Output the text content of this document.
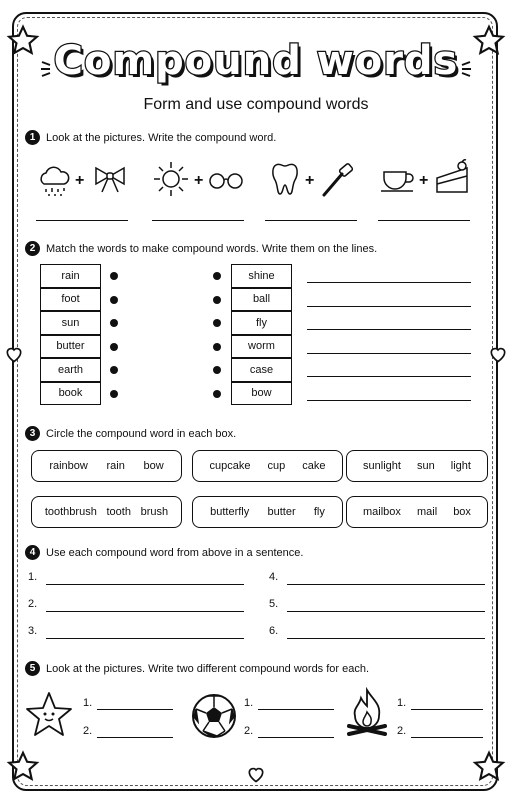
Compound words
Form and use compound words
1 Look at the pictures. Write the compound word.
+	+	+	+
2 Match the words to make compound words. Write them on the lines.
rain	shine
foot	ball
sun	fly
butter	worm
earth	case
book	bow
3 Circle the compound word in each box.
rainbow rain bow	cupcake cup cake	sunlight sun light
toothbrush tooth brush	butterfly butter fly	mailbox mail box
4 Use each compound word from above in a sentence.
1.
2.
3.
4.
5.
6.
5 Look at the pictures. Write two different compound words for each.
1.
2.
1.
2.
1.
2.
